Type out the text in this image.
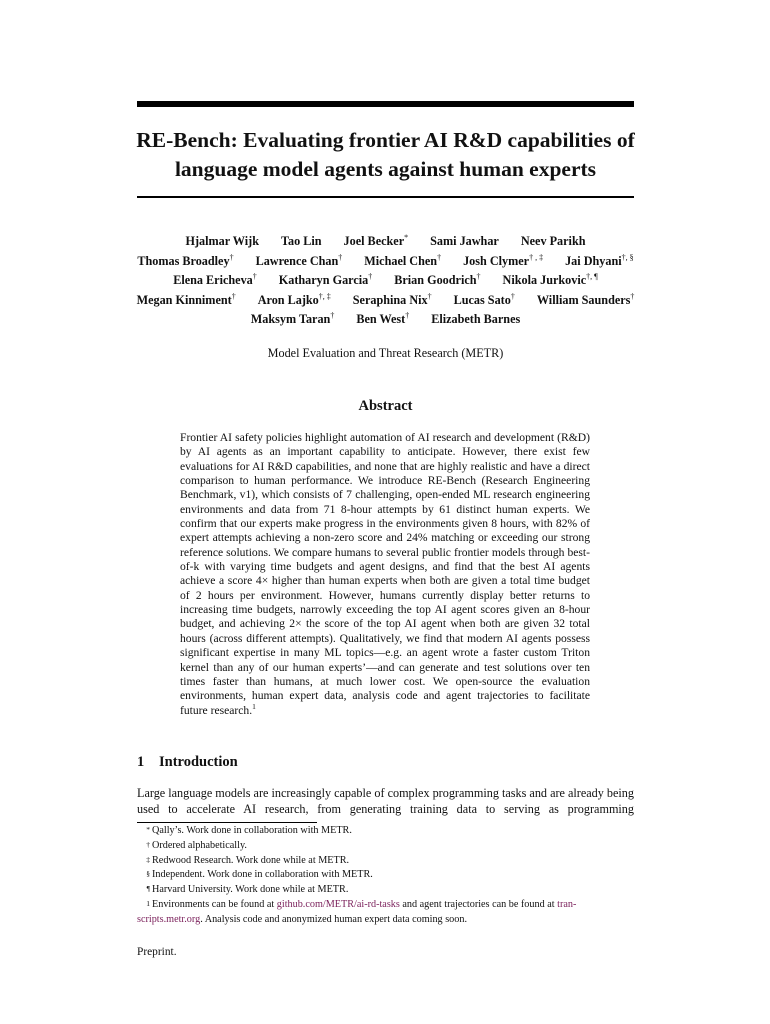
RE-Bench: Evaluating frontier AI R&D capabilities of
language model agents against human experts
Hjalmar Wijk Tao Lin Joel Becker* Sami Jawhar Neev Parikh
Thomas Broadley† Lawrence Chan† Michael Chen† Josh Clymer† , ‡ Jai Dhyani†, §
Elena Ericheva† Katharyn Garcia† Brian Goodrich† Nikola Jurkovic†, ¶
Megan Kinniment† Aron Lajko†, ‡ Seraphina Nix† Lucas Sato† William Saunders†
Maksym Taran† Ben West† Elizabeth Barnes
Model Evaluation and Threat Research (METR)
Abstract
Frontier AI safety policies highlight automation of AI research and development (R&D) by AI agents as an important capability to anticipate. However, there exist few evaluations for AI R&D capabilities, and none that are highly realistic and have a direct comparison to human performance. We introduce RE-Bench (Research Engineering Benchmark, v1), which consists of 7 challenging, open-ended ML research engineering environments and data from 71 8-hour attempts by 61 distinct human experts. We confirm that our experts make progress in the environments given 8 hours, with 82% of expert attempts achieving a non-zero score and 24% matching or exceeding our strong reference solutions. We compare humans to several public frontier models through best-of-k with varying time budgets and agent designs, and find that the best AI agents achieve a score 4× higher than human experts when both are given a total time budget of 2 hours per environment. However, humans currently display better returns to increasing time budgets, narrowly exceeding the top AI agent scores given an 8-hour budget, and achieving 2× the score of the top AI agent when both are given 32 total hours (across different attempts). Qualitatively, we find that modern AI agents possess significant expertise in many ML topics—e.g. an agent wrote a faster custom Triton kernel than any of our human experts’—and can generate and test solutions over ten times faster than humans, at much lower cost. We open-source the evaluation environments, human expert data, analysis code and agent trajectories to facilitate future research.$^1$
1 Introduction
Large language models are increasingly capable of complex programming tasks and are already being used to accelerate AI research, from generating training data to serving as programming
* Qally’s. Work done in collaboration with METR.
† Ordered alphabetically.
‡ Redwood Research. Work done while at METR.
§ Independent. Work done in collaboration with METR.
¶ Harvard University. Work done while at METR.
1 Environments can be found at github.com/METR/ai-rd-tasks and agent trajectories can be found at tran-
scripts.metr.org. Analysis code and anonymized human expert data coming soon.
Preprint.
